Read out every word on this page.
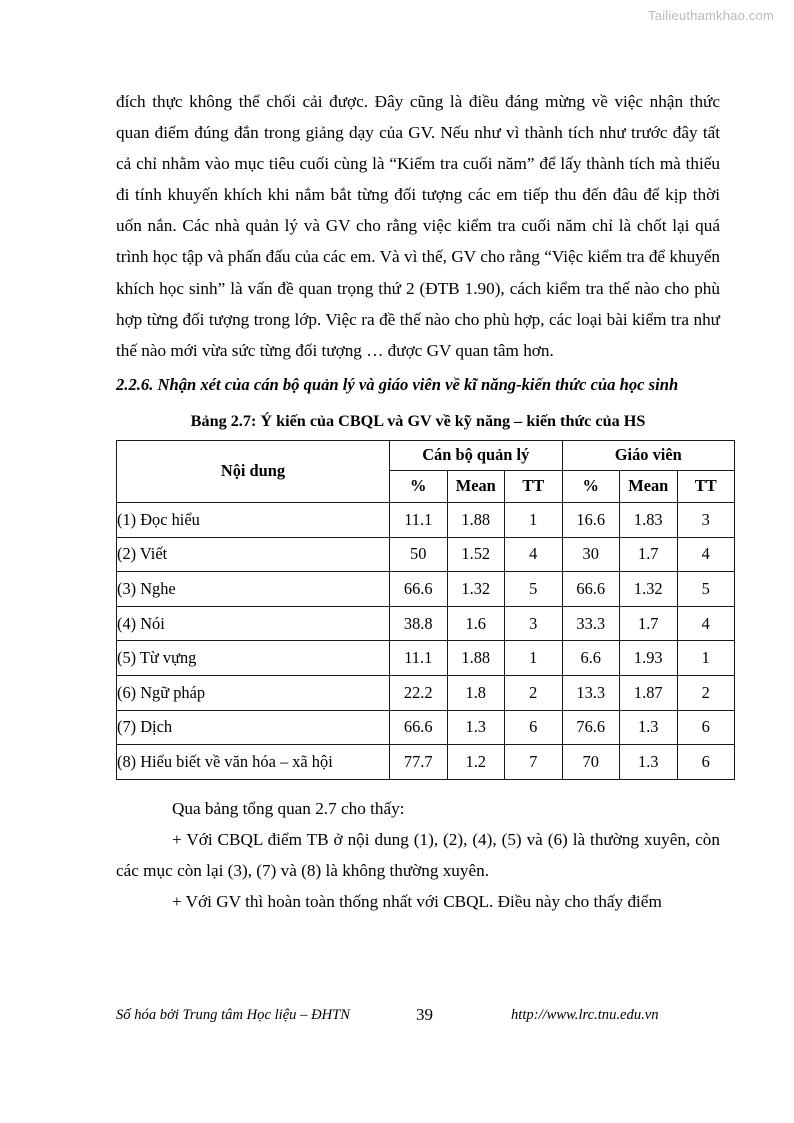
Tailieuthamkhao.com

đích thực không thể chối cải được. Đây cũng là điều đáng mừng về việc nhận thức quan điểm đúng đắn trong giảng dạy của GV. Nếu như vì thành tích như trước đây tất cả chỉ nhằm vào mục tiêu cuối cùng là “Kiểm tra cuối năm” để lấy thành tích mà thiếu đi tính khuyến khích khi nắm bắt từng đối tượng các em tiếp thu đến đâu để kịp thời uốn nắn. Các nhà quản lý và GV cho rằng việc kiểm tra cuối năm chỉ là chốt lại quá trình học tập và phấn đấu của các em. Và vì thế, GV cho rằng “Việc kiểm tra để khuyến khích học sinh” là vấn đề quan trọng thứ 2 (ĐTB 1.90), cách kiểm tra thế nào cho phù hợp từng đối tượng trong lớp. Việc ra đề thế nào cho phù hợp, các loại bài kiểm tra như thế nào mới vừa sức từng đối tượng … được GV quan tâm hơn.

2.2.6. Nhận xét của cán bộ quản lý và giáo viên về kĩ năng-kiến thức của học sinh

Bảng 2.7: Ý kiến của CBQL và GV về kỹ năng – kiến thức của HS

Nội dung	Cán bộ quản lý			Giáo viên		
	%	Mean	TT	%	Mean	TT
(1) Đọc hiểu	11.1	1.88	1	16.6	1.83	3
(2) Viết	50	1.52	4	30	1.7	4
(3) Nghe	66.6	1.32	5	66.6	1.32	5
(4) Nói	38.8	1.6	3	33.3	1.7	4
(5) Từ vựng	11.1	1.88	1	6.6	1.93	1
(6) Ngữ pháp	22.2	1.8	2	13.3	1.87	2
(7) Dịch	66.6	1.3	6	76.6	1.3	6
(8) Hiểu biết về văn hóa – xã hội	77.7	1.2	7	70	1.3	6

Qua bảng tổng quan 2.7 cho thấy:

+ Với CBQL điểm TB ở nội dung (1), (2), (4), (5) và (6) là thường xuyên, còn các mục còn lại (3), (7) và (8) là không thường xuyên.

+ Với GV thì hoàn toàn thống nhất với CBQL. Điều này cho thấy điểm

Số hóa bởi Trung tâm Học liệu – ĐHTN	39	http://www.lrc.tnu.edu.vn
